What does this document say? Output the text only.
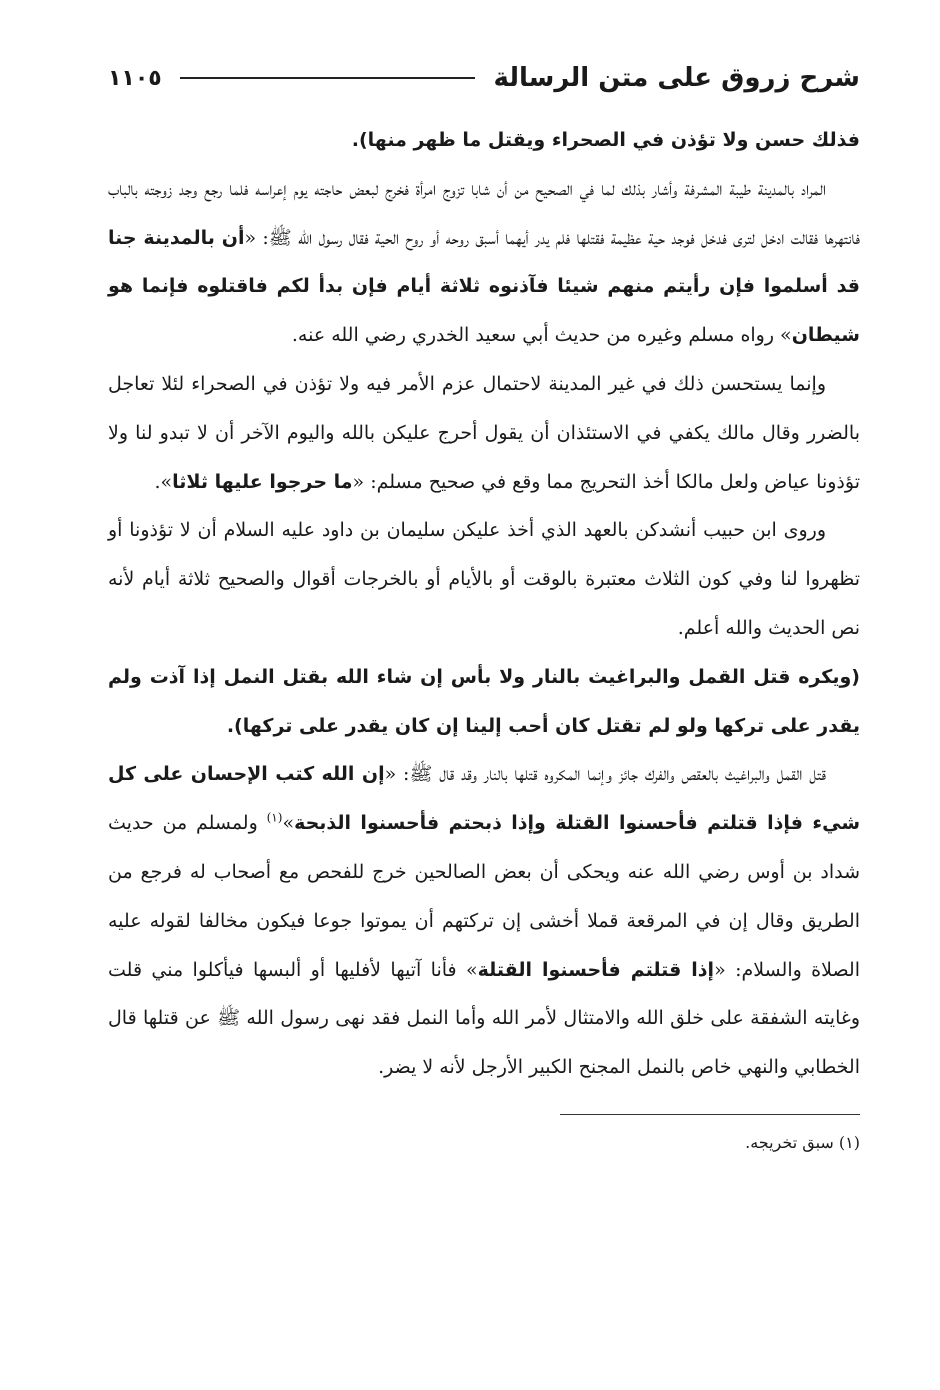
شرح زروق على متن الرسالة
١١٠٥

فذلك حسن ولا تؤذن في الصحراء ويقتل ما ظهر منها).

المراد بالمدينة طيبة المشرفة وأشار بذلك لما في الصحيح من أن شابا تزوج امرأة فخرج لبعض حاجته يوم إعراسه فلما رجع وجد زوجته بالباب فانتهرها فقالت ادخل لترى فدخل فوجد حية عظيمة فقتلها فلم يدر أيهما أسبق روحه أو روح الحية فقال رسول الله ﷺ: «أن بالمدينة جنا قد أسلموا فإن رأيتم منهم شيئا فآذنوه ثلاثة أيام فإن بدأ لكم فاقتلوه فإنما هو شيطان» رواه مسلم وغيره من حديث أبي سعيد الخدري رضي الله عنه.

وإنما يستحسن ذلك في غير المدينة لاحتمال عزم الأمر فيه ولا تؤذن في الصحراء لئلا تعاجل بالضرر وقال مالك يكفي في الاستئذان أن يقول أحرج عليكن بالله واليوم الآخر أن لا تبدو لنا ولا تؤذونا عياض ولعل مالكا أخذ التحريج مما وقع في صحيح مسلم: «ما حرجوا عليها ثلاثا».

وروى ابن حبيب أنشدكن بالعهد الذي أخذ عليكن سليمان بن داود عليه السلام أن لا تؤذونا أو تظهروا لنا وفي كون الثلاث معتبرة بالوقت أو بالأيام أو بالخرجات أقوال والصحيح ثلاثة أيام لأنه نص الحديث والله أعلم.

(ويكره قتل القمل والبراغيث بالنار ولا بأس إن شاء الله بقتل النمل إذا آذت ولم يقدر على تركها ولو لم تقتل كان أحب إلينا إن كان يقدر على تركها).

قتل القمل والبراغيث بالعقص والفرك جائز وإنما المكروه قتلها بالنار وقد قال ﷺ: «إن الله كتب الإحسان على كل شيء فإذا قتلتم فأحسنوا القتلة وإذا ذبحتم فأحسنوا الذبحة»$^{(١)}$ ولمسلم من حديث شداد بن أوس رضي الله عنه ويحكى أن بعض الصالحين خرج للفحص مع أصحاب له فرجع من الطريق وقال إن في المرقعة قملا أخشى إن تركتهم أن يموتوا جوعا فيكون مخالفا لقوله عليه الصلاة والسلام: «إذا قتلتم فأحسنوا القتلة» فأنا آتيها لأفليها أو ألبسها فيأكلوا مني قلت وغايته الشفقة على خلق الله والامتثال لأمر الله وأما النمل فقد نهى رسول الله ﷺ عن قتلها قال الخطابي والنهي خاص بالنمل المجنح الكبير الأرجل لأنه لا يضر.

(١) سبق تخريجه.
